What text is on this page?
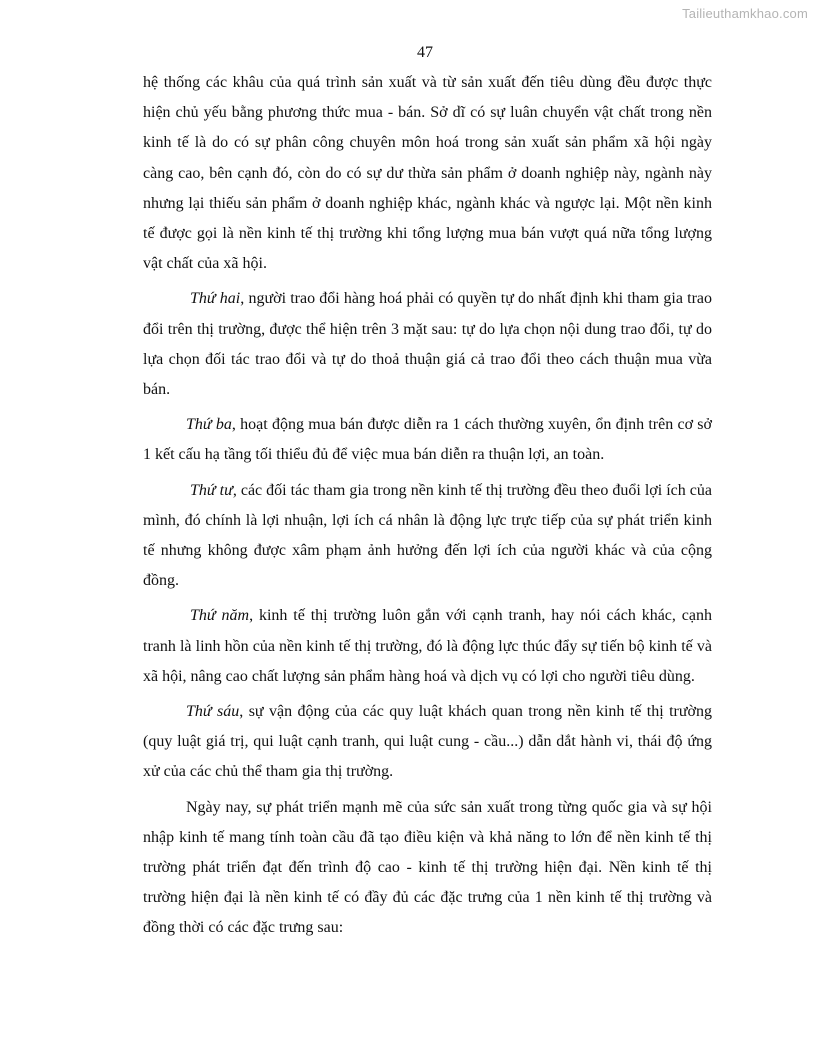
Tailieuthamkhao.com
47

hệ thống các khâu của quá trình sản xuất và từ sản xuất đến tiêu dùng đều được thực hiện chủ yếu bằng phương thức mua - bán. Sở dĩ có sự luân chuyển vật chất trong nền kinh tế là do có sự phân công chuyên môn hoá trong sản xuất sản phẩm xã hội ngày càng cao, bên cạnh đó, còn do có sự dư thừa sản phẩm ở doanh nghiệp này, ngành này nhưng lại thiếu sản phẩm ở doanh nghiệp khác, ngành khác và ngược lại. Một nền kinh tế được gọi là nền kinh tế thị trường khi tổng lượng mua bán vượt quá nữa tổng lượng vật chất của xã hội.

Thứ hai, người trao đổi hàng hoá phải có quyền tự do nhất định khi tham gia trao đổi trên thị trường, được thể hiện trên 3 mặt sau: tự do lựa chọn nội dung trao đổi, tự do lựa chọn đối tác trao đổi và tự do thoả thuận giá cả trao đổi theo cách thuận mua vừa bán.

Thứ ba, hoạt động mua bán được diễn ra 1 cách thường xuyên, ổn định trên cơ sở 1 kết cấu hạ tầng tối thiểu đủ để việc mua bán diễn ra thuận lợi, an toàn.

Thứ tư, các đối tác tham gia trong nền kinh tế thị trường đều theo đuổi lợi ích của mình, đó chính là lợi nhuận, lợi ích cá nhân là động lực trực tiếp của sự phát triển kinh tế nhưng không được xâm phạm ảnh hưởng đến lợi ích của người khác và của cộng đồng.

Thứ năm, kinh tế thị trường luôn gắn với cạnh tranh, hay nói cách khác, cạnh tranh là linh hồn của nền kinh tế thị trường, đó là động lực thúc đẩy sự tiến bộ kinh tế và xã hội, nâng cao chất lượng sản phẩm hàng hoá và dịch vụ có lợi cho người tiêu dùng.

Thứ sáu, sự vận động của các quy luật khách quan trong nền kinh tế thị trường (quy luật giá trị, qui luật cạnh tranh, qui luật cung - cầu...) dẫn dắt hành vi, thái độ ứng xử của các chủ thể tham gia thị trường.

Ngày nay, sự phát triển mạnh mẽ của sức sản xuất trong từng quốc gia và sự hội nhập kinh tế mang tính toàn cầu đã tạo điều kiện và khả năng to lớn để nền kinh tế thị trường phát triển đạt đến trình độ cao - kinh tế thị trường hiện đại. Nền kinh tế thị trường hiện đại là nền kinh tế có đầy đủ các đặc trưng của 1 nền kinh tế thị trường và đồng thời có các đặc trưng sau:
